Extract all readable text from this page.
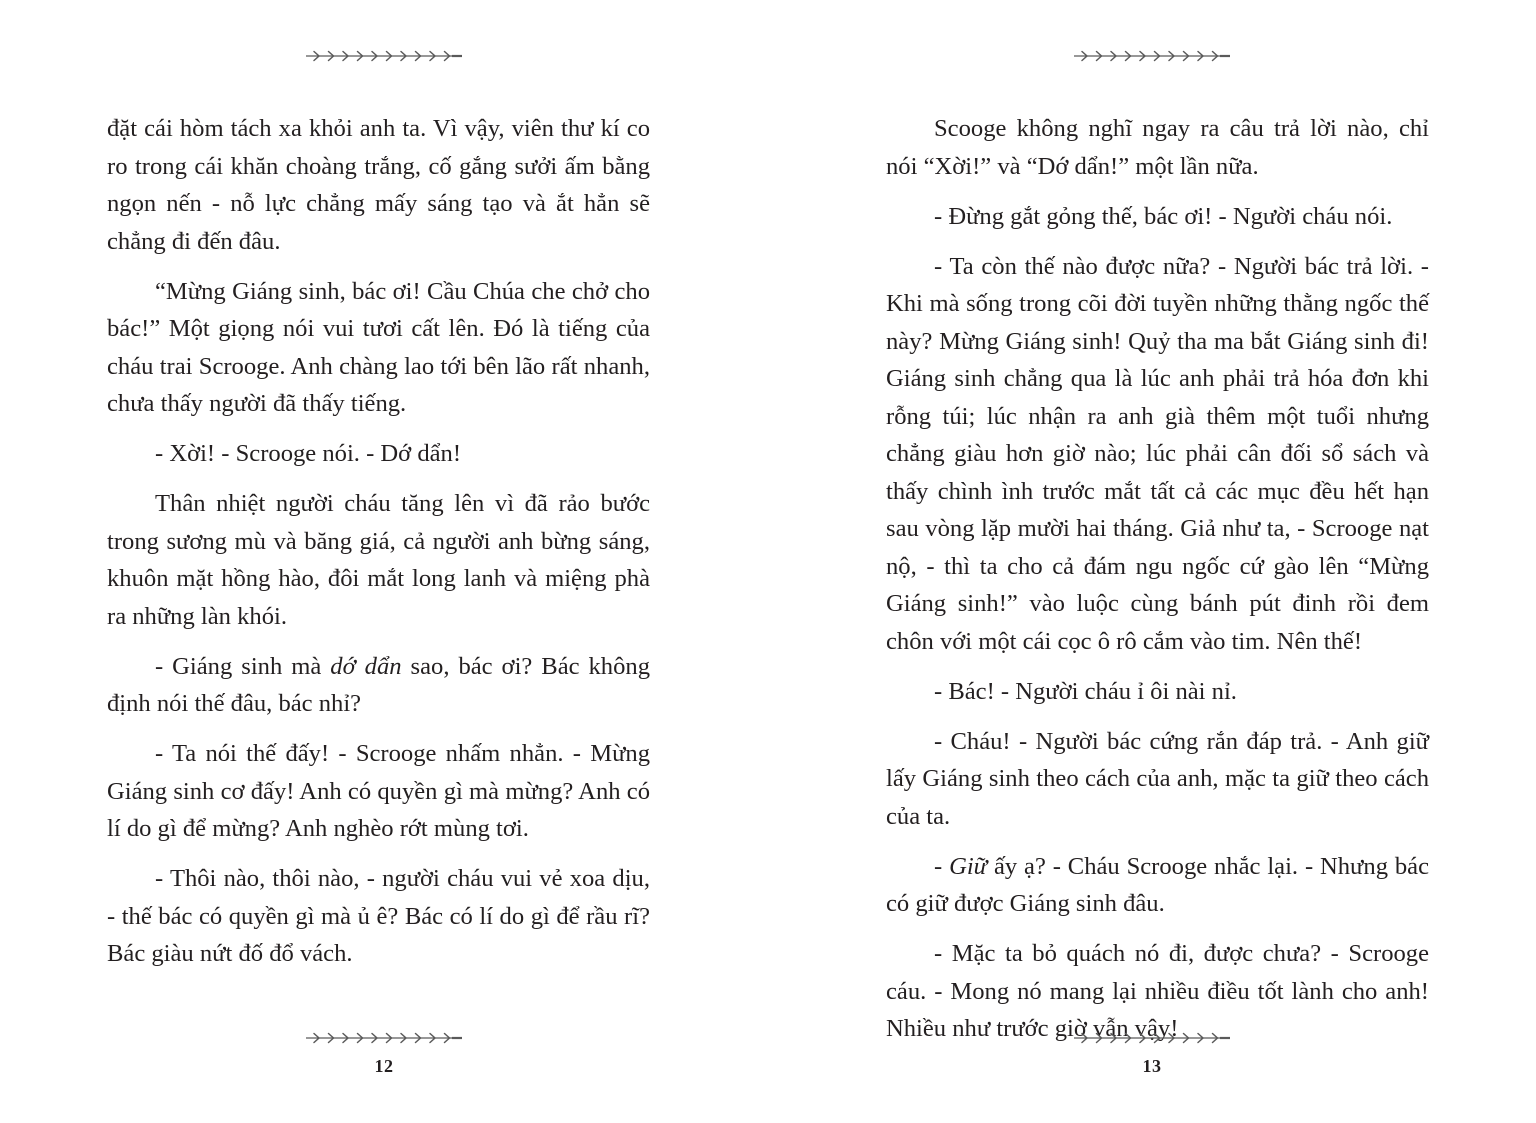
đặt cái hòm tách xa khỏi anh ta. Vì vậy, viên thư kí co ro trong cái khăn choàng trắng, cố gắng sưởi ấm bằng ngọn nến - nỗ lực chẳng mấy sáng tạo và ắt hẳn sẽ chẳng đi đến đâu.

“Mừng Giáng sinh, bác ơi! Cầu Chúa che chở cho bác!” Một giọng nói vui tươi cất lên. Đó là tiếng của cháu trai Scrooge. Anh chàng lao tới bên lão rất nhanh, chưa thấy người đã thấy tiếng.

- Xời! - Scrooge nói. - Dớ dẩn!

Thân nhiệt người cháu tăng lên vì đã rảo bước trong sương mù và băng giá, cả người anh bừng sáng, khuôn mặt hồng hào, đôi mắt long lanh và miệng phà ra những làn khói.

- Giáng sinh mà dớ dẩn sao, bác ơi? Bác không định nói thế đâu, bác nhỉ?

- Ta nói thế đấy! - Scrooge nhấm nhẳn. - Mừng Giáng sinh cơ đấy! Anh có quyền gì mà mừng? Anh có lí do gì để mừng? Anh nghèo rớt mùng tơi.

- Thôi nào, thôi nào, - người cháu vui vẻ xoa dịu, - thế bác có quyền gì mà ủ ê? Bác có lí do gì để rầu rĩ? Bác giàu nứt đố đổ vách.

12

Scooge không nghĩ ngay ra câu trả lời nào, chỉ nói “Xời!” và “Dớ dẩn!” một lần nữa.

- Đừng gắt gỏng thế, bác ơi! - Người cháu nói.

- Ta còn thế nào được nữa? - Người bác trả lời. - Khi mà sống trong cõi đời tuyền những thằng ngốc thế này? Mừng Giáng sinh! Quỷ tha ma bắt Giáng sinh đi! Giáng sinh chẳng qua là lúc anh phải trả hóa đơn khi rỗng túi; lúc nhận ra anh già thêm một tuổi nhưng chẳng giàu hơn giờ nào; lúc phải cân đối sổ sách và thấy chình ình trước mắt tất cả các mục đều hết hạn sau vòng lặp mười hai tháng. Giả như ta, - Scrooge nạt nộ, - thì ta cho cả đám ngu ngốc cứ gào lên “Mừng Giáng sinh!” vào luộc cùng bánh pút đinh rồi đem chôn với một cái cọc ô rô cắm vào tim. Nên thế!

- Bác! - Người cháu ỉ ôi nài nỉ.

- Cháu! - Người bác cứng rắn đáp trả. - Anh giữ lấy Giáng sinh theo cách của anh, mặc ta giữ theo cách của ta.

- Giữ ấy ạ? - Cháu Scrooge nhắc lại. - Nhưng bác có giữ được Giáng sinh đâu.

- Mặc ta bỏ quách nó đi, được chưa? - Scrooge cáu. - Mong nó mang lại nhiều điều tốt lành cho anh! Nhiều như trước giờ vẫn vậy!

13
